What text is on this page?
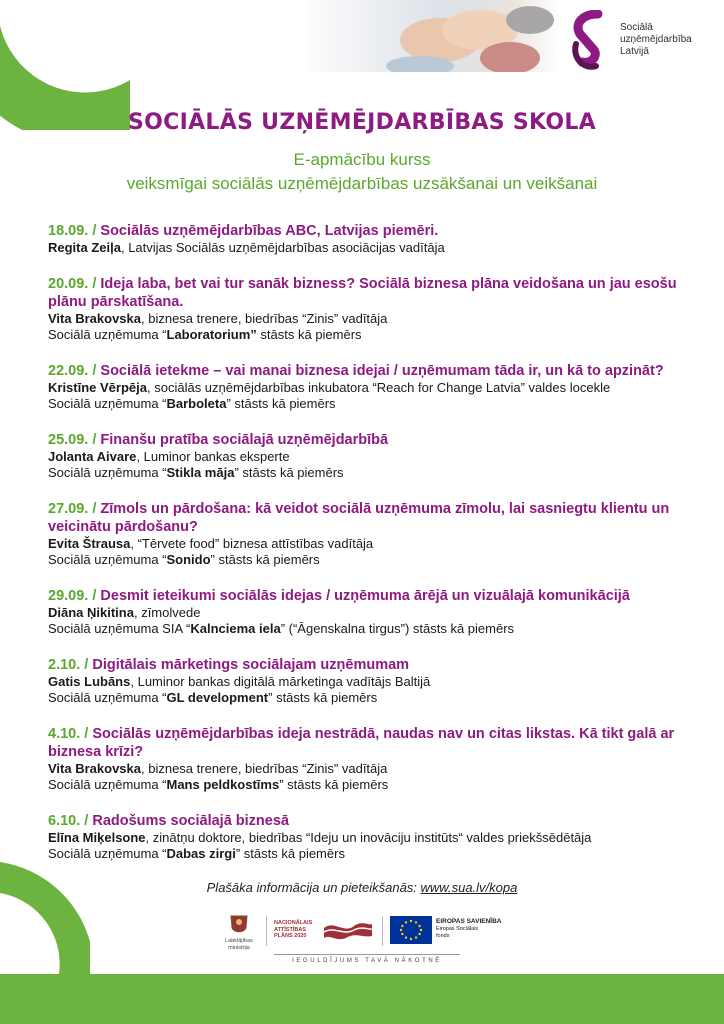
Sociālā
uzņēmējdarbība
Latvijā
SOCIĀLĀS UZŅĒMĒJDARBĪBAS SKOLA
E-apmācību kurss
veiksmīgai sociālās uzņēmējdarbības uzsākšanai un veikšanai
18.09. / Sociālās uzņēmējdarbības ABC, Latvijas piemēri.
Regita Zeiļa, Latvijas Sociālās uzņēmējdarbības asociācijas vadītāja
20.09. / Ideja laba, bet vai tur sanāk bizness? Sociālā biznesa plāna veidošana un jau esošu plānu pārskatīšana.
Vita Brakovska, biznesa trenere, biedrības “Zinis” vadītāja
Sociālā uzņēmuma “Laboratorium” stāsts kā piemērs
22.09. / Sociālā ietekme – vai manai biznesa idejai / uzņēmumam tāda ir, un kā to apzināt?
Kristīne Vērpēja, sociālās uzņēmējdarbības inkubatora “Reach for Change Latvia” valdes locekle
Sociālā uzņēmuma “Barboleta” stāsts kā piemērs
25.09. / Finanšu pratība sociālajā uzņēmējdarbībā
Jolanta Aivare, Luminor bankas eksperte
Sociālā uzņēmuma “Stikla māja” stāsts kā piemērs
27.09. / Zīmols un pārdošana: kā veidot sociālā uzņēmuma zīmolu, lai sasniegtu klientu un veicinātu pārdošanu?
Evita Štrausa, “Tērvete food” biznesa attīstības vadītāja
Sociālā uzņēmuma “Sonido” stāsts kā piemērs
29.09. / Desmit ieteikumi sociālās idejas / uzņēmuma ārējā un vizuālajā komunikācijā
Diāna Ņikitina, zīmolvede
Sociālā uzņēmuma SIA “Kalnciema iela” (“Āgenskalna tirgus”) stāsts kā piemērs
2.10. / Digitālais mārketings sociālajam uzņēmumam
Gatis Lubāns, Luminor bankas digitālā mārketinga vadītājs Baltijā
Sociālā uzņēmuma “GL development” stāsts kā piemērs
4.10. / Sociālās uzņēmējdarbības ideja nestrādā, naudas nav un citas likstas. Kā tikt galā ar biznesa krīzi?
Vita Brakovska, biznesa trenere, biedrības “Zinis” vadītāja
Sociālā uzņēmuma “Mans peldkostīms” stāsts kā piemērs
6.10. / Radošums sociālajā biznesā
Elīna Miķelsone, zinātņu doktore, biedrības “Ideju un inovāciju institūts“ valdes priekšsēdētāja
Sociālā uzņēmuma “Dabas zirgi” stāsts kā piemērs
Plašāka informācija un pieteikšanās: www.sua.lv/kopa
Labklājības ministrija
NACIONĀLAIS
ATTĪSTĪBAS
PLĀNS 2020
EIROPAS SAVIENĪBA
Eiropas Sociālais
fonds
IEGULDĪJUMS TAVĀ NĀKOTNĒ
